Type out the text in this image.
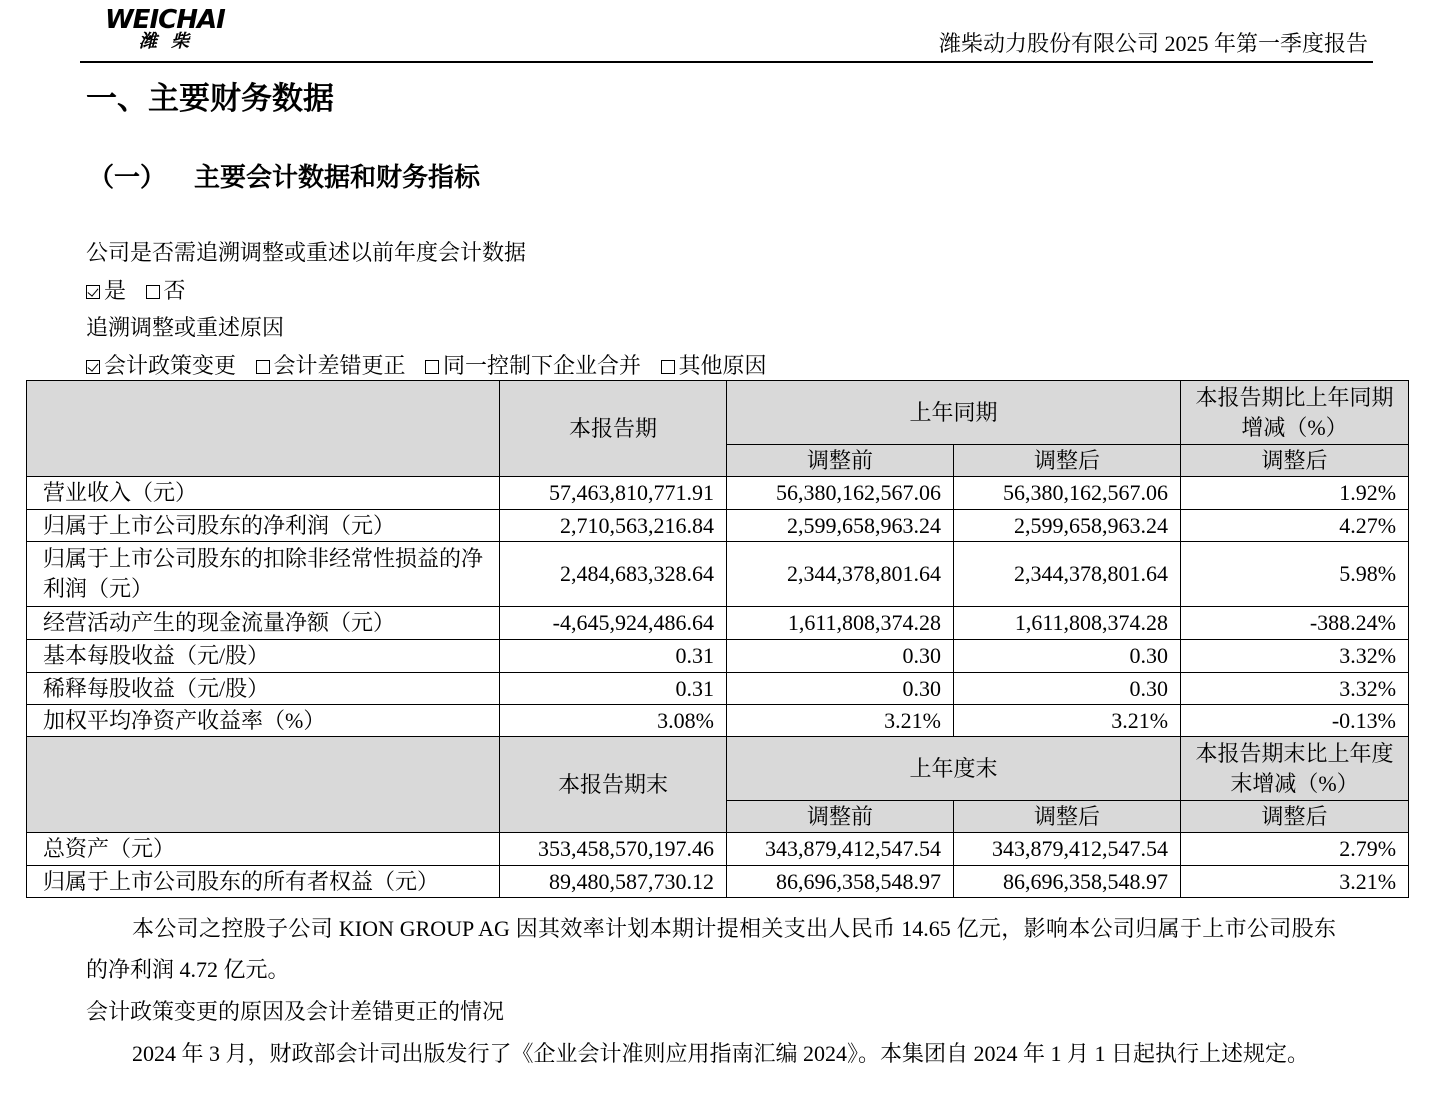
WEICHAI
潍柴	潍柴动力股份有限公司 2025 年第一季度报告
一、主要财务数据
（一） 主要会计数据和财务指标
公司是否需追溯调整或重述以前年度会计数据
是 否
追溯调整或重述原因
会计政策变更 会计差错更正 同一控制下企业合并 其他原因
	本报告期	上年同期		本报告期比上年同期增减（%）
		调整前	调整后	调整后
营业收入（元）	57,463,810,771.91	56,380,162,567.06	56,380,162,567.06	1.92%
归属于上市公司股东的净利润（元）	2,710,563,216.84	2,599,658,963.24	2,599,658,963.24	4.27%
归属于上市公司股东的扣除非经常性损益的净利润（元）	2,484,683,328.64	2,344,378,801.64	2,344,378,801.64	5.98%
经营活动产生的现金流量净额（元）	-4,645,924,486.64	1,611,808,374.28	1,611,808,374.28	-388.24%
基本每股收益（元/股）	0.31	0.30	0.30	3.32%
稀释每股收益（元/股）	0.31	0.30	0.30	3.32%
加权平均净资产收益率（%）	3.08%	3.21%	3.21%	-0.13%
	本报告期末	上年度末		本报告期末比上年度末增减（%）
		调整前	调整后	调整后
总资产（元）	353,458,570,197.46	343,879,412,547.54	343,879,412,547.54	2.79%
归属于上市公司股东的所有者权益（元）	89,480,587,730.12	86,696,358,548.97	86,696,358,548.97	3.21%
本公司之控股子公司 KION GROUP AG 因其效率计划本期计提相关支出人民币 14.65 亿元，影响本公司归属于上市公司股东的净利润 4.72 亿元。
会计政策变更的原因及会计差错更正的情况
2024 年 3 月，财政部会计司出版发行了《企业会计准则应用指南汇编 2024》。本集团自 2024 年 1 月 1 日起执行上述规定。
